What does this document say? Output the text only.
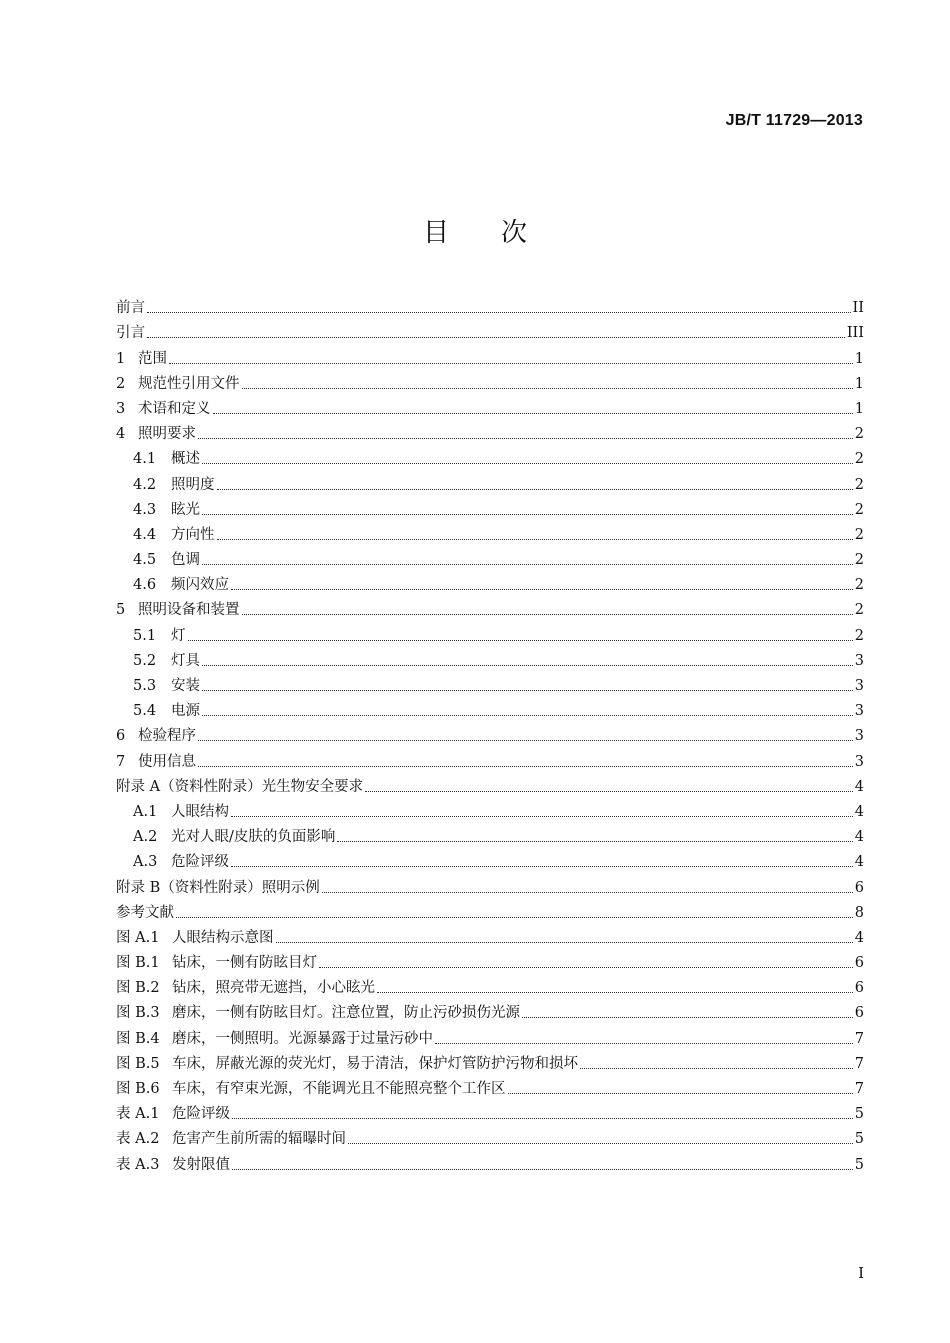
JB/T 11729—2013
目 次
前言	II
引言	III
1 范围	1
2 规范性引用文件	1
3 术语和定义	1
4 照明要求	2
4.1	概述	2
4.2	照明度	2
4.3	眩光	2
4.4	方向性	2
4.5	色调	2
4.6	频闪效应	2
5 照明设备和装置	2
5.1	灯	2
5.2	灯具	3
5.3	安装	3
5.4	电源	3
6 检验程序	3
7 使用信息	3
附录 A（资料性附录）光生物安全要求	4
A.1 人眼结构	4
A.2 光对人眼/皮肤的负面影响	4
A.3 危险评级	4
附录 B（资料性附录）照明示例	6
参考文献	8
图 A.1 人眼结构示意图	4
图 B.1 钻床，一侧有防眩目灯	6
图 B.2 钻床，照亮带无遮挡，小心眩光	6
图 B.3 磨床，一侧有防眩目灯。注意位置，防止污砂损伤光源	6
图 B.4 磨床，一侧照明。光源暴露于过量污砂中	7
图 B.5 车床，屏蔽光源的荧光灯，易于清洁，保护灯管防护污物和损坏	7
图 B.6 车床，有窄束光源，不能调光且不能照亮整个工作区	7
表 A.1 危险评级	5
表 A.2 危害产生前所需的辐曝时间	5
表 A.3 发射限值	5
I
